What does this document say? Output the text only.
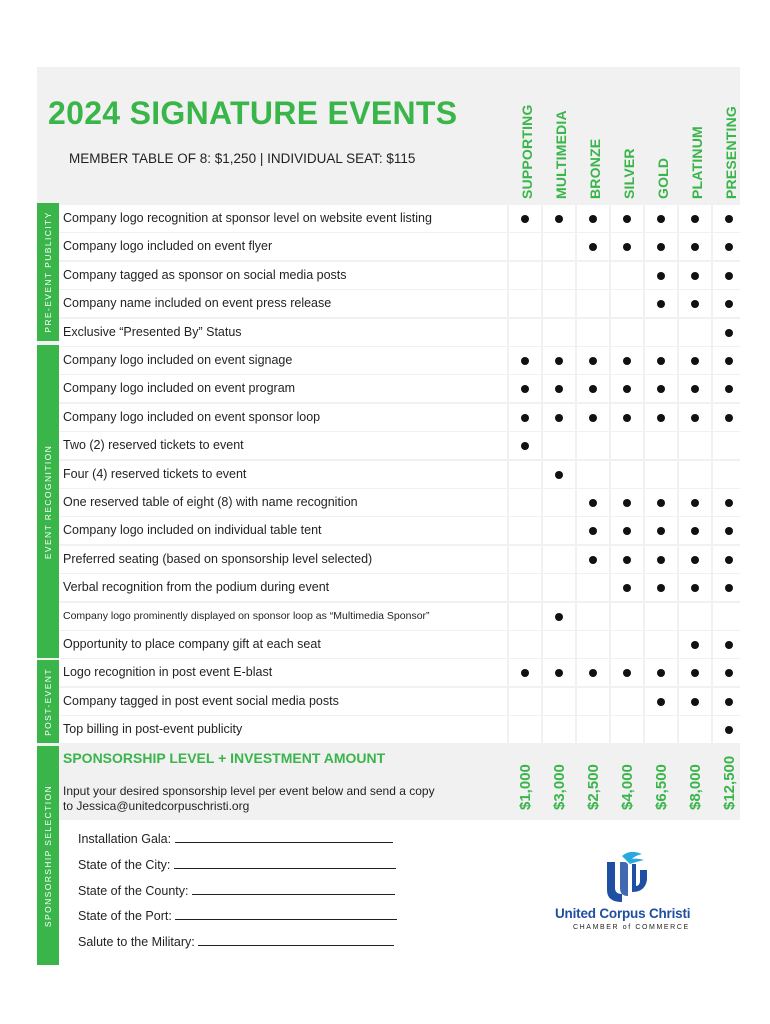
2024 SIGNATURE EVENTS
MEMBER TABLE OF 8: $1,250 | INDIVIDUAL SEAT: $115	SUPPORTING MULTIMEDIA BRONZE SILVER GOLD PLATINUM PRESENTING
PRE-EVENT PUBLICITY
EVENT RECOGNITION
POST-EVENT
SPONSORSHIP SELECTION
Company logo recognition at sponsor level on website event listing
Company logo included on event flyer
Company tagged as sponsor on social media posts
Company name included on event press release
Exclusive “Presented By” Status
Company logo included on event signage
Company logo included on event program
Company logo included on event sponsor loop
Two (2) reserved tickets to event
Four (4) reserved tickets to event
One reserved table of eight (8) with name recognition
Company logo included on individual table tent
Preferred seating (based on sponsorship level selected)
Verbal recognition from the podium during event
Company logo prominently displayed on sponsor loop as “Multimedia Sponsor”
Opportunity to place company gift at each seat
Logo recognition in post event E-blast
Company tagged in post event social media posts
Top billing in post-event publicity
SPONSORSHIP LEVEL + INVESTMENT AMOUNT
Input your desired sponsorship level per event below and send a copy to Jessica@unitedcorpuschristi.org	$1,000 $3,000 $2,500 $4,000 $6,500 $8,000 $12,500
Installation Gala:
State of the City:
State of the County:
State of the Port:
Salute to the Military:
United Corpus Christi
CHAMBER of COMMERCE
